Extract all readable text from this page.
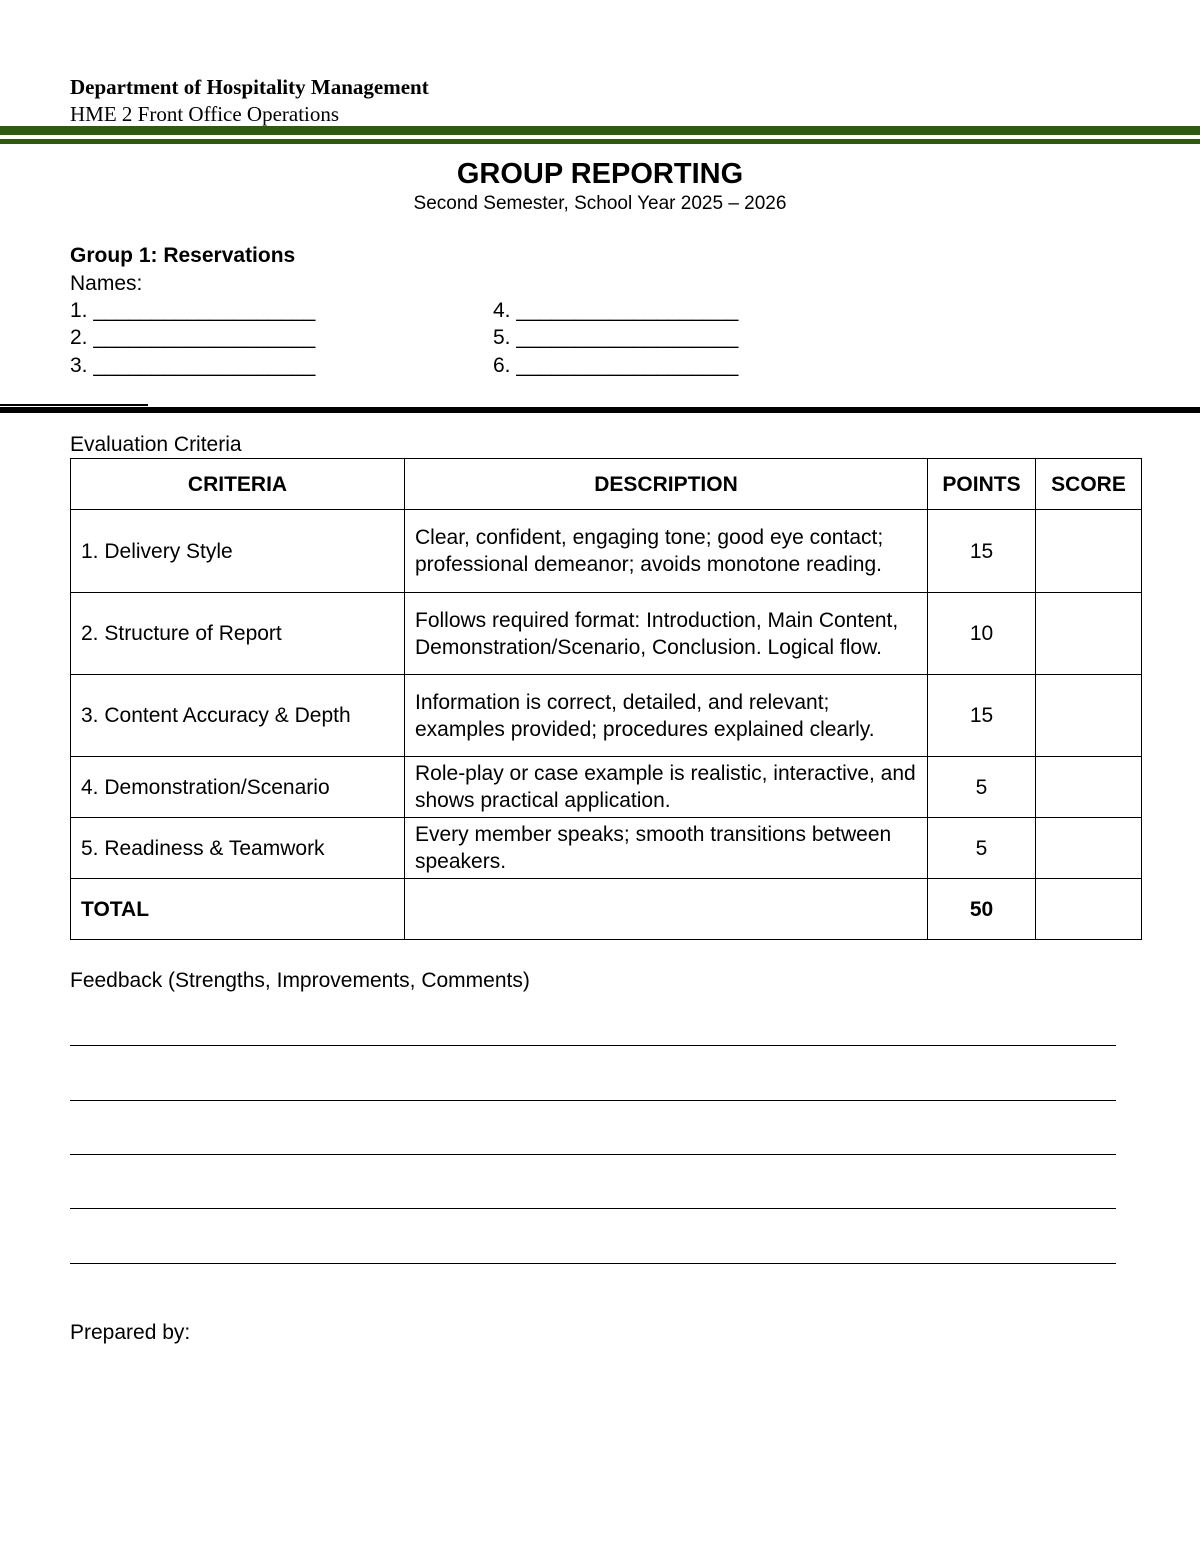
Department of Hospitality Management
HME 2 Front Office Operations
GROUP REPORTING
Second Semester, School Year 2025 – 2026
Group 1: Reservations
Names:
1. ___________________
2. ___________________
3. ___________________
4. ___________________
5. ___________________
6. ___________________
Evaluation Criteria
CRITERIA	DESCRIPTION	POINTS	SCORE
1. Delivery Style	Clear, confident, engaging tone; good eye contact; professional demeanor; avoids monotone reading.	15	
2. Structure of Report	Follows required format: Introduction, Main Content, Demonstration/Scenario, Conclusion. Logical flow.	10	
3. Content Accuracy & Depth	Information is correct, detailed, and relevant; examples provided; procedures explained clearly.	15	
4. Demonstration/Scenario	Role-play or case example is realistic, interactive, and shows practical application.	5	
5. Readiness & Teamwork	Every member speaks; smooth transitions between speakers.	5	
TOTAL		50	
Feedback (Strengths, Improvements, Comments)
Prepared by:
